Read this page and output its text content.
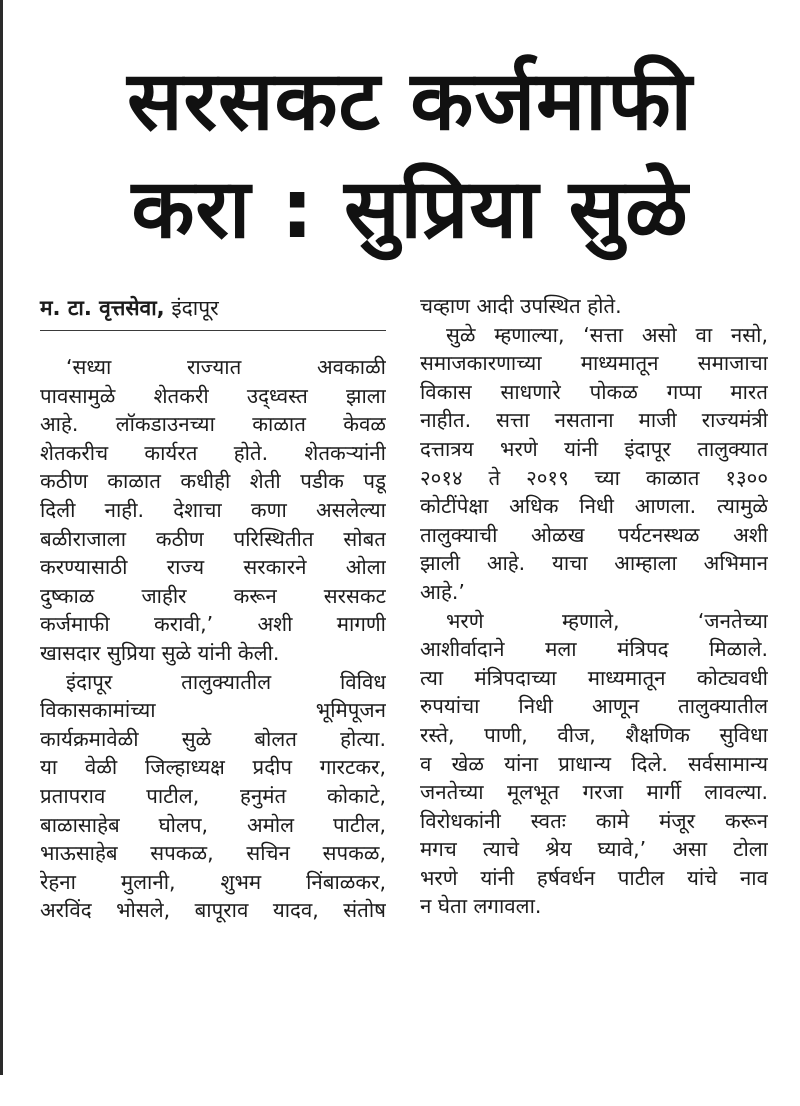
सरसकट कर्जमाफी
करा : सुप्रिया सुळे
म. टा. वृत्तसेवा, इंदापूर
‘सध्या राज्यात अवकाळी
पावसामुळे शेतकरी उद्ध्वस्त झाला
आहे. लॉकडाउनच्या काळात केवळ
शेतकरीच कार्यरत होते. शेतकऱ्यांनी
कठीण काळात कधीही शेती पडीक पडू
दिली नाही. देशाचा कणा असलेल्या
बळीराजाला कठीण परिस्थितीत सोबत
करण्यासाठी राज्य सरकारने ओला
दुष्काळ जाहीर करून सरसकट
कर्जमाफी करावी,’ अशी मागणी
खासदार सुप्रिया सुळे यांनी केली.
इंदापूर तालुक्यातील विविध
विकासकामांच्या भूमिपूजन
कार्यक्रमावेळी सुळे बोलत होत्या.
या वेळी जिल्हाध्यक्ष प्रदीप गारटकर,
प्रतापराव पाटील, हनुमंत कोकाटे,
बाळासाहेब घोलप, अमोल पाटील,
भाऊसाहेब सपकळ, सचिन सपकळ,
रेहना मुलानी, शुभम निंबाळकर,
अरविंद भोसले, बापूराव यादव, संतोष
चव्हाण आदी उपस्थित होते.
सुळे म्हणाल्या, ‘सत्ता असो वा नसो,
समाजकारणाच्या माध्यमातून समाजाचा
विकास साधणारे पोकळ गप्पा मारत
नाहीत. सत्ता नसताना माजी राज्यमंत्री
दत्तात्रय भरणे यांनी इंदापूर तालुक्यात
२०१४ ते २०१९ च्या काळात १३००
कोटींपेक्षा अधिक निधी आणला. त्यामुळे
तालुक्याची ओळख पर्यटनस्थळ अशी
झाली आहे. याचा आम्हाला अभिमान
आहे.’
भरणे म्हणाले, ‘जनतेच्या
आशीर्वादाने मला मंत्रिपद मिळाले.
त्या मंत्रिपदाच्या माध्यमातून कोट्यवधी
रुपयांचा निधी आणून तालुक्यातील
रस्ते, पाणी, वीज, शैक्षणिक सुविधा
व खेळ यांना प्राधान्य दिले. सर्वसामान्य
जनतेच्या मूलभूत गरजा मार्गी लावल्या.
विरोधकांनी स्वतः कामे मंजूर करून
मगच त्याचे श्रेय घ्यावे,’ असा टोला
भरणे यांनी हर्षवर्धन पाटील यांचे नाव
न घेता लगावला.
